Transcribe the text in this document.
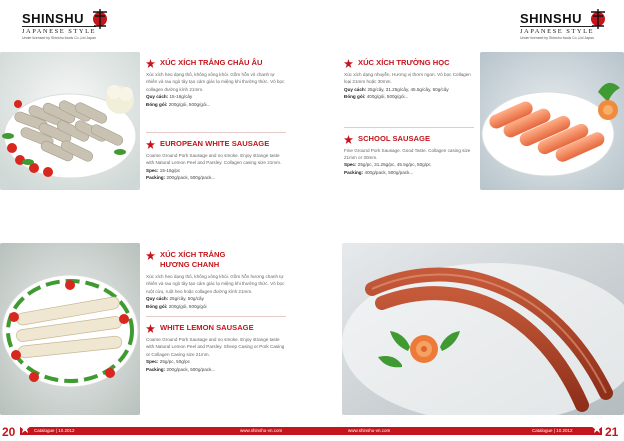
SHINSHU
JAPANESE STYLE
Under licensed by Shinshu foods Co.,Ltd Japan
XÚC XÍCH TRẮNG CHÂU ÂU
Xúc xích heo dạng thô, không xông khói. Gồm hỗn vỏ chanh tự nhiên và rau ngò tây tạo cảm giác lạ miệng khi thưởng thức. Vỏ bọc collagen đường kính 21mm.
Quy cách: 15-16g/cây
Đóng gói: 200g/gói, 500g/gói...
EUROPEAN WHITE SAUSAGE
Coarse Ground Pork Sausage and no smoke. Enjoy strange taste with Natural Lemon Peel and Parsley. Collagen casing size 21mm.
Spec: 15-16g/pc
Packing: 200g/pack, 500g/pack...
XÚC XÍCH TRẮNG
HƯƠNG CHANH
Xúc xích heo dạng thô, không xông khói. Gồm hỗn hương chanh tự nhiên và rau ngò tây tạo cảm giác lạ miệng khi thưởng thức. Vỏ bọc ruột cừu, ruột heo hoặc collagen đường kính 21mm.
Quy cách: 25g/cây, 50g/cây
Đóng gói: 200g/gói, 500g/gói
WHITE LEMON SAUSAGE
Coarse Ground Pork Sausage and no smoke. Enjoy strange taste with Natural Lemon Peel and Parsley. Sheep Casing or Pork Casing or Collagen Casing size 21mm.
Spec: 25g/pc, 50g/pc
Packing: 200g/pack, 500g/pack...
20	Catalogue | 10.2012	www.shinshu-vn.com
SHINSHU
JAPANESE STYLE
Under licensed by Shinshu foods Co.,Ltd Japan
XÚC XÍCH TRƯỜNG HỌC
Xúc xích dạng nhuyễn. Hương vị thơm ngon. Vỏ bọc Collagen loại 21mm hoặc 30mm.
Quy cách: 25g/cây, 31.25g/cây, 45.5g/cây, 50g/cây
Đóng gói: 400g/gói, 500g/gói...
SCHOOL SAUSAGE
Fine Ground Pork Sausage. Good Taste. Collagen casing size 21mm or 30mm.
Spec: 25g/pc, 31.25g/pc, 45.5g/pc, 50g/pc
Packing: 400g/pack, 500g/pack...
www.shinshu-vn.com	Catalogue | 10.2012	21
